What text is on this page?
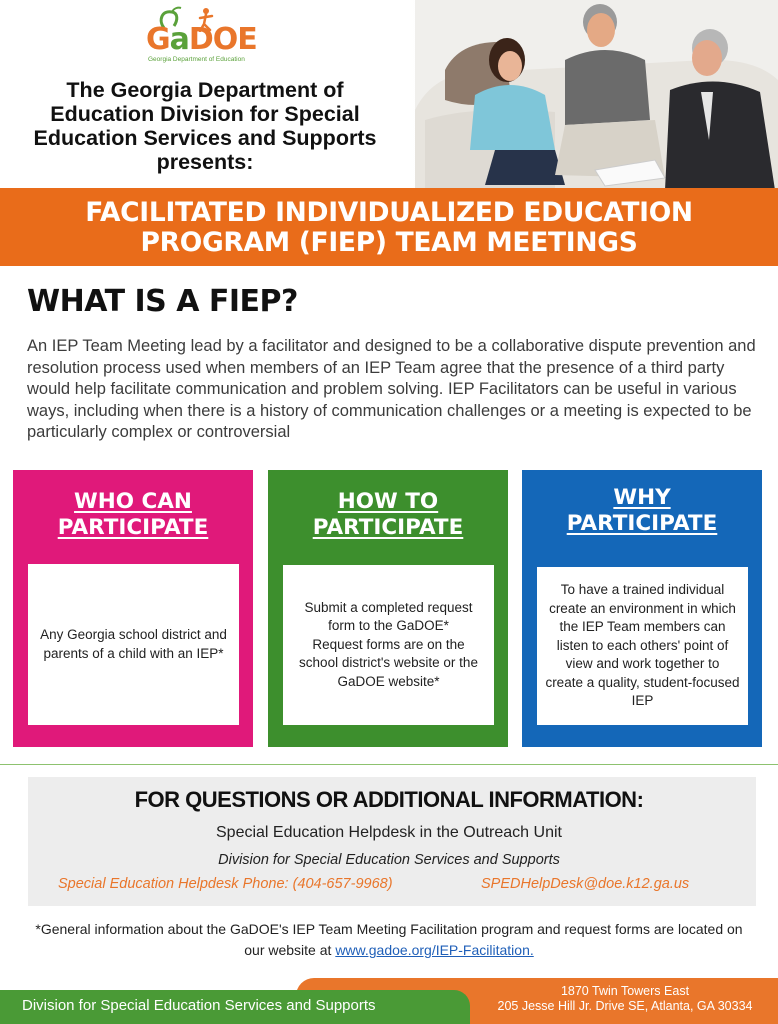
GaDOE
Georgia Department of Education
The Georgia Department of Education Division for Special Education Services and Supports presents:
FACILITATED INDIVIDUALIZED EDUCATION
PROGRAM (FIEP) TEAM MEETINGS
WHAT IS A FIEP?
An IEP Team Meeting lead by a facilitator and designed to be a collaborative dispute prevention and resolution process used when members of an IEP Team agree that the presence of a third party would help facilitate communication and problem solving. IEP Facilitators can be useful in various ways, including when there is a history of communication challenges or a meeting is expected to be particularly complex or controversial
WHO CAN
PARTICIPATE
Any Georgia school district and parents of a child with an IEP*
HOW TO
PARTICIPATE
Submit a completed request form to the GaDOE*
Request forms are on the school district's website or the GaDOE website*
WHY
PARTICIPATE
To have a trained individual create an environment in which the IEP Team members can listen to each others' point of view and work together to create a quality, student-focused IEP
FOR QUESTIONS OR ADDITIONAL INFORMATION:
Special Education Helpdesk in the Outreach Unit
Division for Special Education Services and Supports
Special Education Helpdesk Phone: (404-657-9968)	SPEDHelpDesk@doe.k12.ga.us
*General information about the GaDOE's IEP Team Meeting Facilitation program and request forms are located on our website at www.gadoe.org/IEP-Facilitation.
Division for Special Education Services and Supports
1870 Twin Towers East
205 Jesse Hill Jr. Drive SE, Atlanta, GA 30334
